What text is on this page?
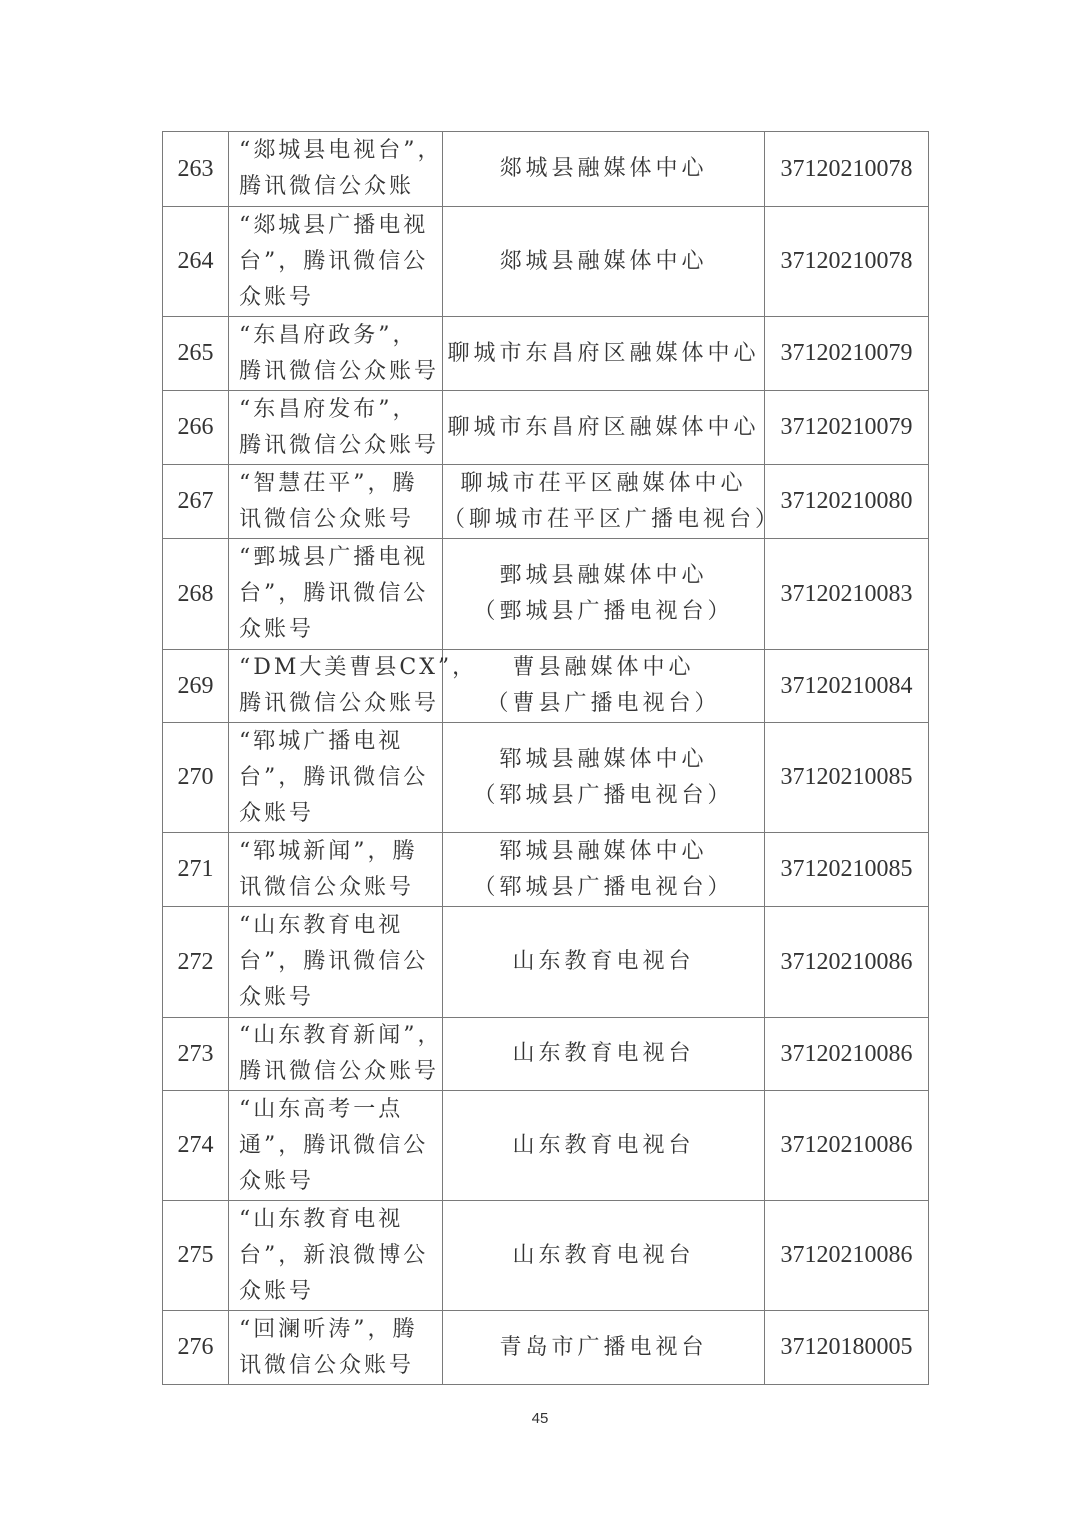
263	“郯城县电视台”，
腾讯微信公众账	郯城县融媒体中心	37120210078
264	“郯城县广播电视
台”，腾讯微信公
众账号	郯城县融媒体中心	37120210078
265	“东昌府政务”，
腾讯微信公众账号	聊城市东昌府区融媒体中心	37120210079
266	“东昌府发布”，
腾讯微信公众账号	聊城市东昌府区融媒体中心	37120210079
267	“智慧茌平”，腾
讯微信公众账号	聊城市茌平区融媒体中心
（聊城市茌平区广播电视台）	37120210080
268	“鄄城县广播电视
台”，腾讯微信公
众账号	鄄城县融媒体中心
（鄄城县广播电视台）	37120210083
269	“DM大美曹县CX”，
腾讯微信公众账号	曹县融媒体中心
（曹县广播电视台）	37120210084
270	“郓城广播电视
台”，腾讯微信公
众账号	郓城县融媒体中心
（郓城县广播电视台）	37120210085
271	“郓城新闻”，腾
讯微信公众账号	郓城县融媒体中心
（郓城县广播电视台）	37120210085
272	“山东教育电视
台”，腾讯微信公
众账号	山东教育电视台	37120210086
273	“山东教育新闻”，
腾讯微信公众账号	山东教育电视台	37120210086
274	“山东高考一点
通”，腾讯微信公
众账号	山东教育电视台	37120210086
275	“山东教育电视
台”，新浪微博公
众账号	山东教育电视台	37120210086
276	“回澜听涛”，腾
讯微信公众账号	青岛市广播电视台	37120180005
45
